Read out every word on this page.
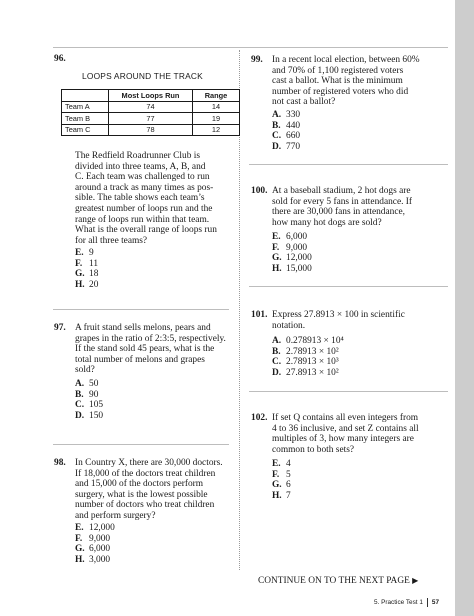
96.
LOOPS AROUND THE TRACK
	Most Loops Run	Range
Team A	74	14
Team B	77	19
Team C	78	12
The Redfield Roadrunner Club is
divided into three teams, A, B, and
C. Each team was challenged to run
around a track as many times as pos-
sible. The table shows each team’s
greatest number of loops run and the
range of loops run within that team.
What is the overall range of loops run
for all three teams?
E. 9
F. 11
G. 18
H. 20
97. A fruit stand sells melons, pears and
grapes in the ratio of 2:3:5, respectively.
If the stand sold 45 pears, what is the
total number of melons and grapes
sold?
A. 50
B. 90
C. 105
D. 150
98. In Country X, there are 30,000 doctors.
If 18,000 of the doctors treat children
and 15,000 of the doctors perform
surgery, what is the lowest possible
number of doctors who treat children
and perform surgery?
E. 12,000
F. 9,000
G. 6,000
H. 3,000
99. In a recent local election, between 60%
and 70% of 1,100 registered voters
cast a ballot. What is the minimum
number of registered voters who did
not cast a ballot?
A. 330
B. 440
C. 660
D. 770
100. At a baseball stadium, 2 hot dogs are
sold for every 5 fans in attendance. If
there are 30,000 fans in attendance,
how many hot dogs are sold?
E. 6,000
F. 9,000
G. 12,000
H. 15,000
101. Express 27.8913 × 100 in scientific
notation.
A. 0.278913 × 10⁴
B. 2.78913 × 10²
C. 2.78913 × 10³
D. 27.8913 × 10²
102. If set Q contains all even integers from
4 to 36 inclusive, and set Z contains all
multiples of 3, how many integers are
common to both sets?
E. 4
F. 5
G. 6
H. 7
CONTINUE ON TO THE NEXT PAGE ▶
5. Practice Test 1 57
